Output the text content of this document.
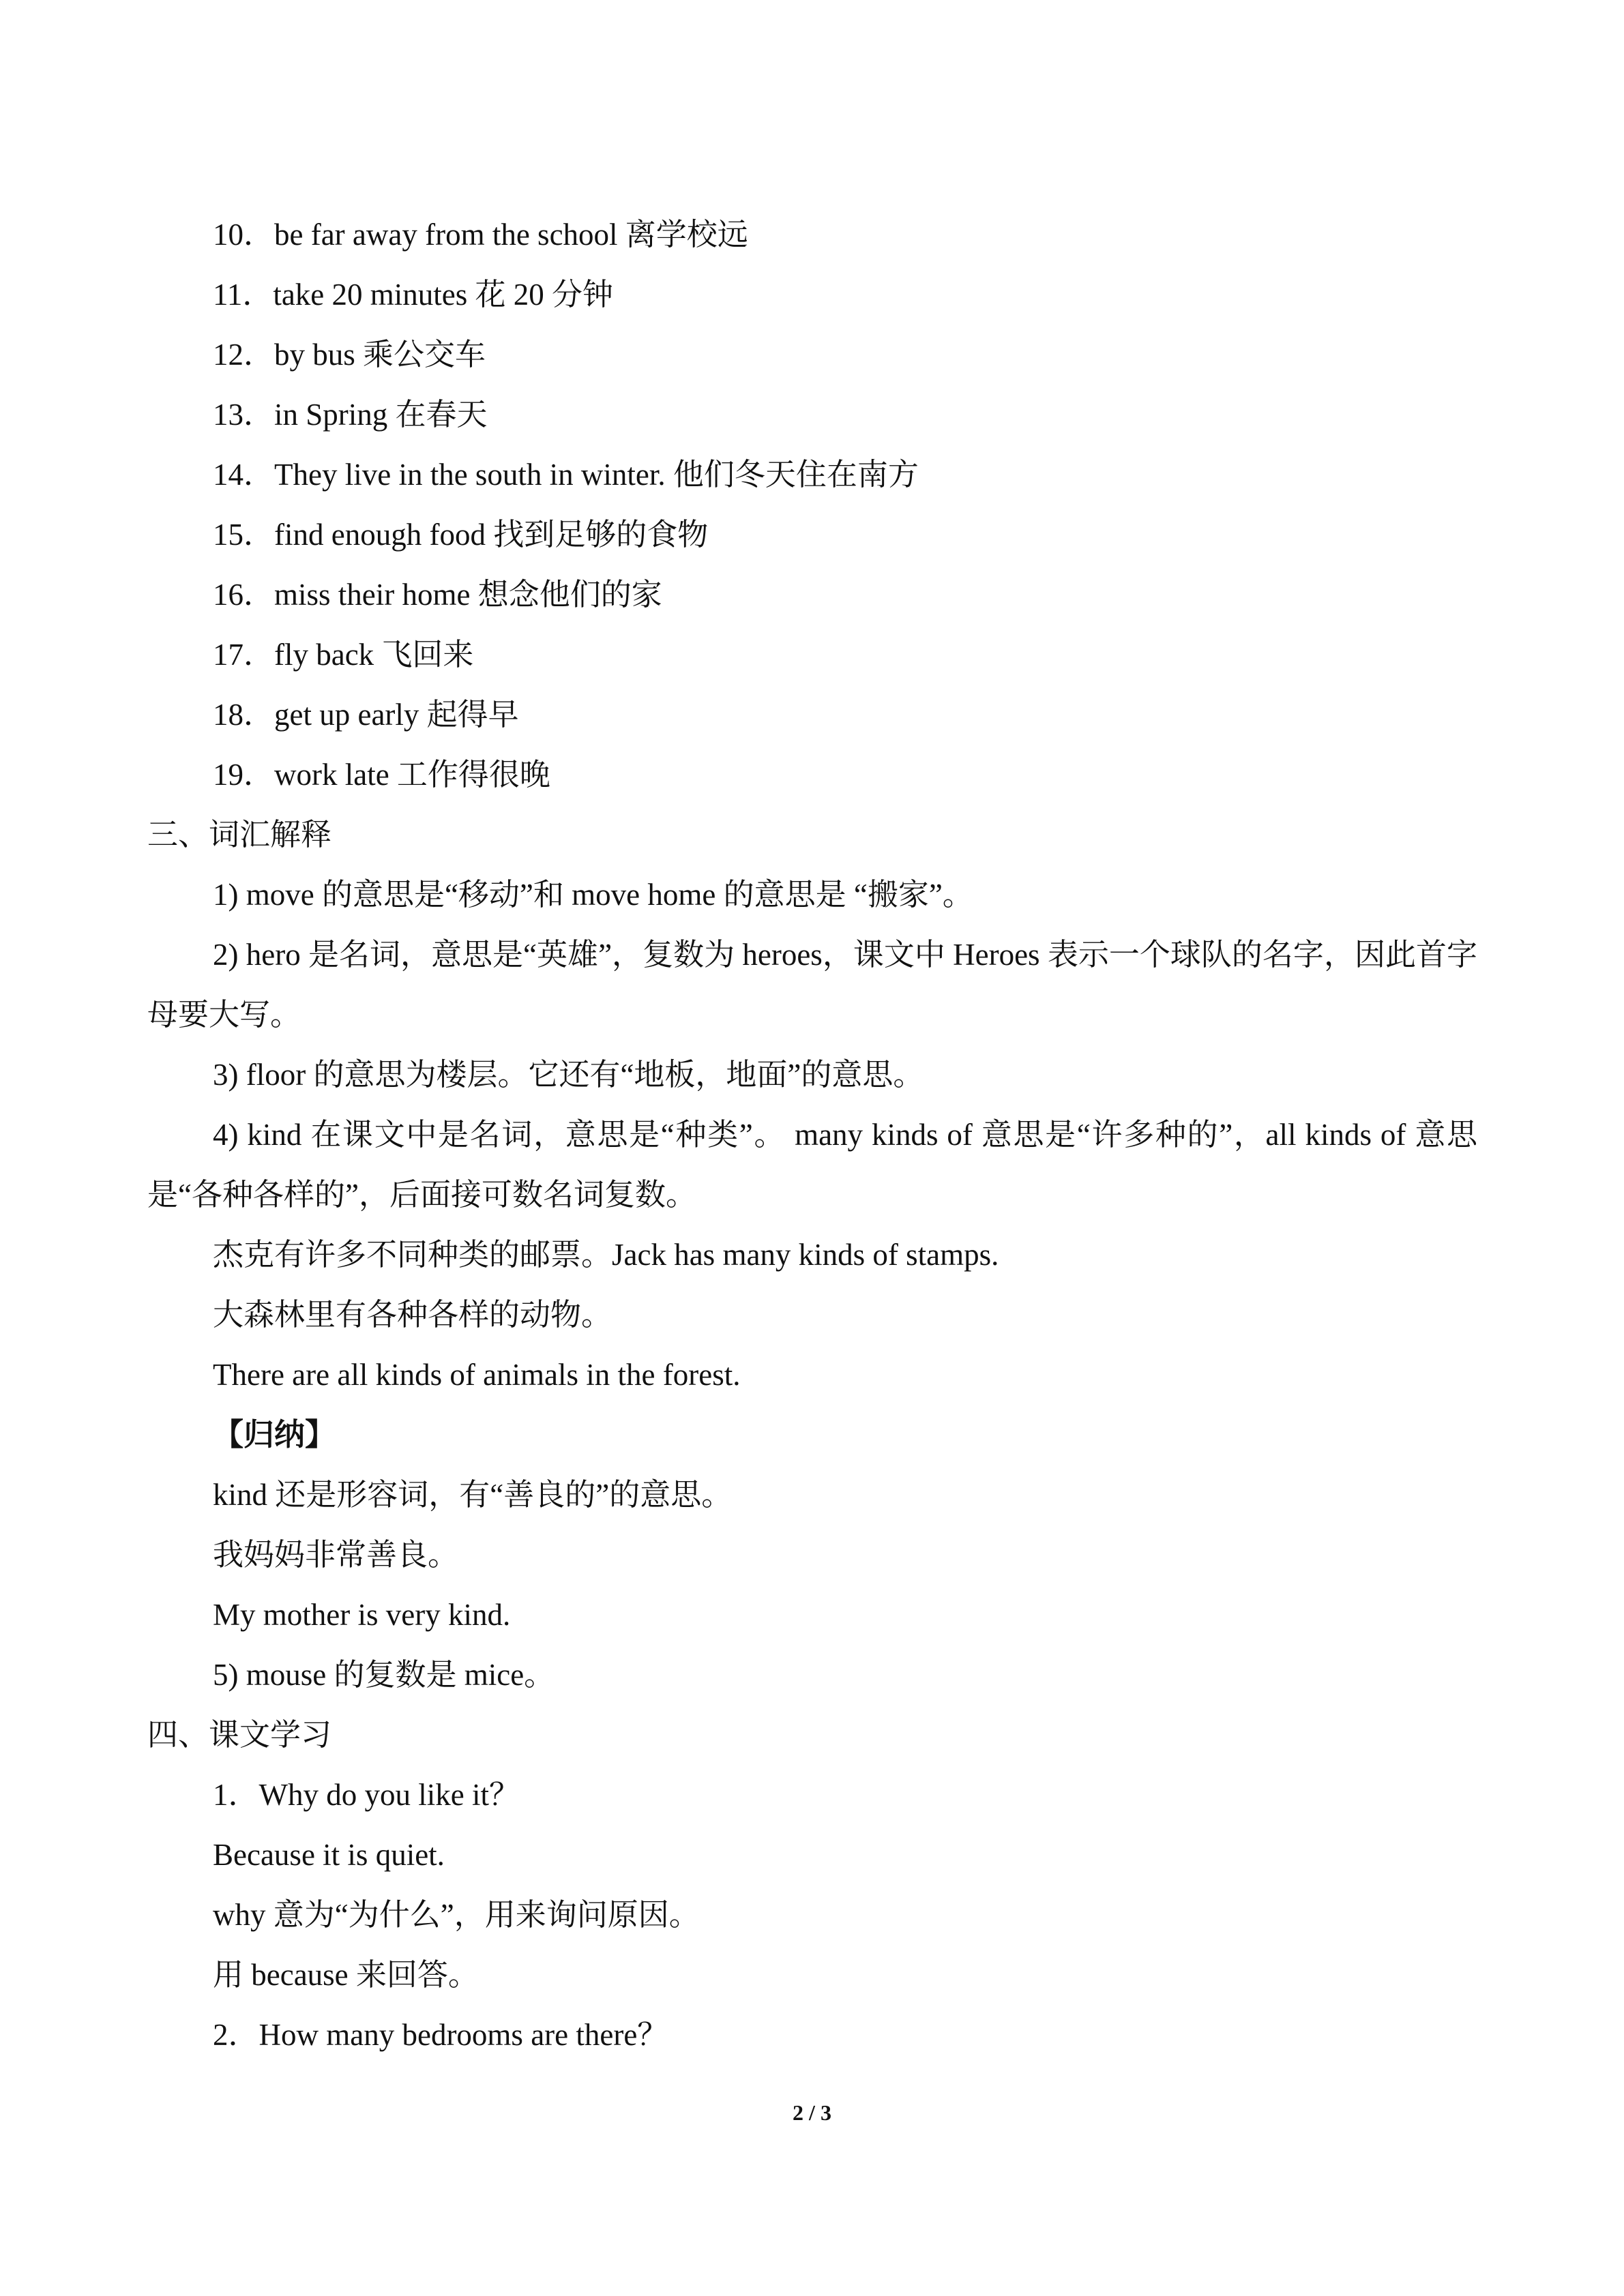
10．be far away from the school 离学校远
11．take 20 minutes 花 20 分钟
12．by bus 乘公交车
13．in Spring 在春天
14．They live in the south in winter. 他们冬天住在南方
15．find enough food 找到足够的食物
16．miss their home 想念他们的家
17．fly back 飞回来
18．get up early 起得早
19．work late 工作得很晚
三、词汇解释
1) move 的意思是“移动”和 move home 的意思是 “搬家”。
2) hero 是名词，意思是“英雄”，复数为 heroes，课文中 Heroes 表示一个球队的名字，因此首字母要大写。
3) floor 的意思为楼层。它还有“地板，地面”的意思。
4) kind 在课文中是名词，意思是“种类”。 many kinds of 意思是“许多种的”，all kinds of 意思是“各种各样的”，后面接可数名词复数。
杰克有许多不同种类的邮票。Jack has many kinds of stamps.
大森林里有各种各样的动物。
There are all kinds of animals in the forest.
【归纳】
kind 还是形容词，有“善良的”的意思。
我妈妈非常善良。
My mother is very kind.
5) mouse 的复数是 mice。
四、课文学习
1．Why do you like it？
Because it is quiet.
why 意为“为什么”，用来询问原因。
用 because 来回答。
2．How many bedrooms are there？
2 / 3
